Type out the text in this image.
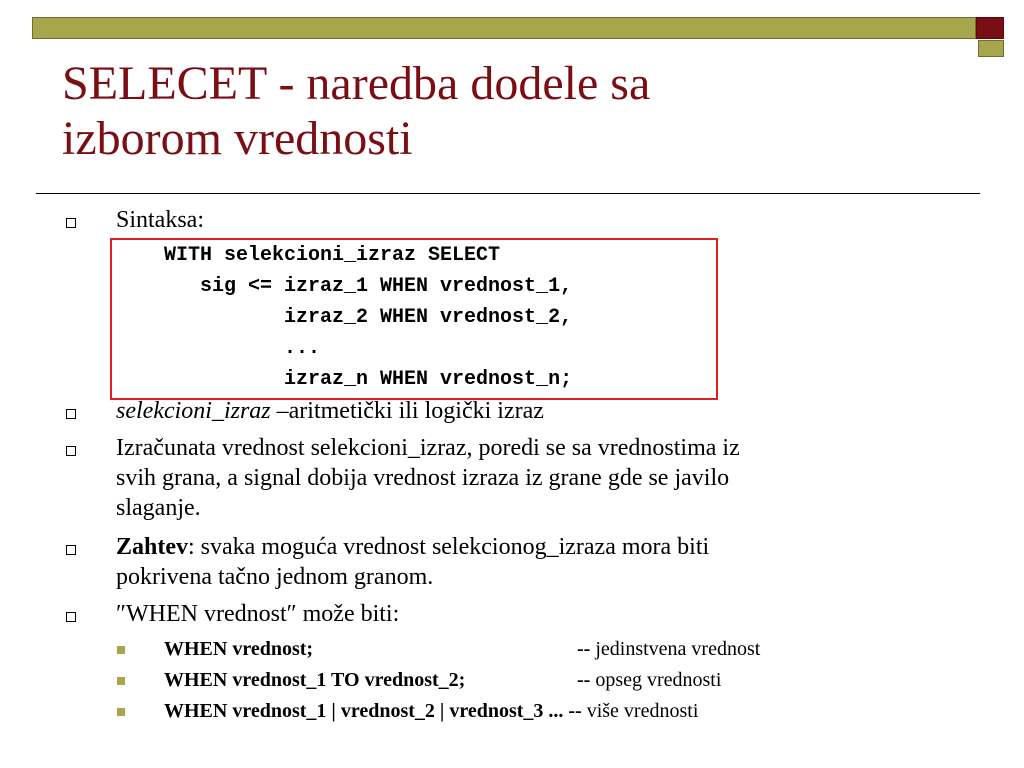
SELECET - naredba dodele sa
izborom vrednosti
Sintaksa:
WITH selekcioni_izraz SELECT
sig <= izraz_1 WHEN vrednost_1,
izraz_2 WHEN vrednost_2,
...
izraz_n WHEN vrednost_n;
selekcioni_izraz –aritmetički ili logički izraz
Izračunata vrednost selekcioni_izraz, poredi se sa vrednostima iz
svih grana, a signal dobija vrednost izraza iz grane gde se javilo
slaganje.
Zahtev: svaka moguća vrednost selekcionog_izraza mora biti
pokrivena tačno jednom granom.
″WHEN vrednost″ može biti:
WHEN vrednost;	-- jedinstvena vrednost
WHEN vrednost_1 TO vrednost_2;	-- opseg vrednosti
WHEN vrednost_1 | vrednost_2 | vrednost_3 ... -- više vrednosti
